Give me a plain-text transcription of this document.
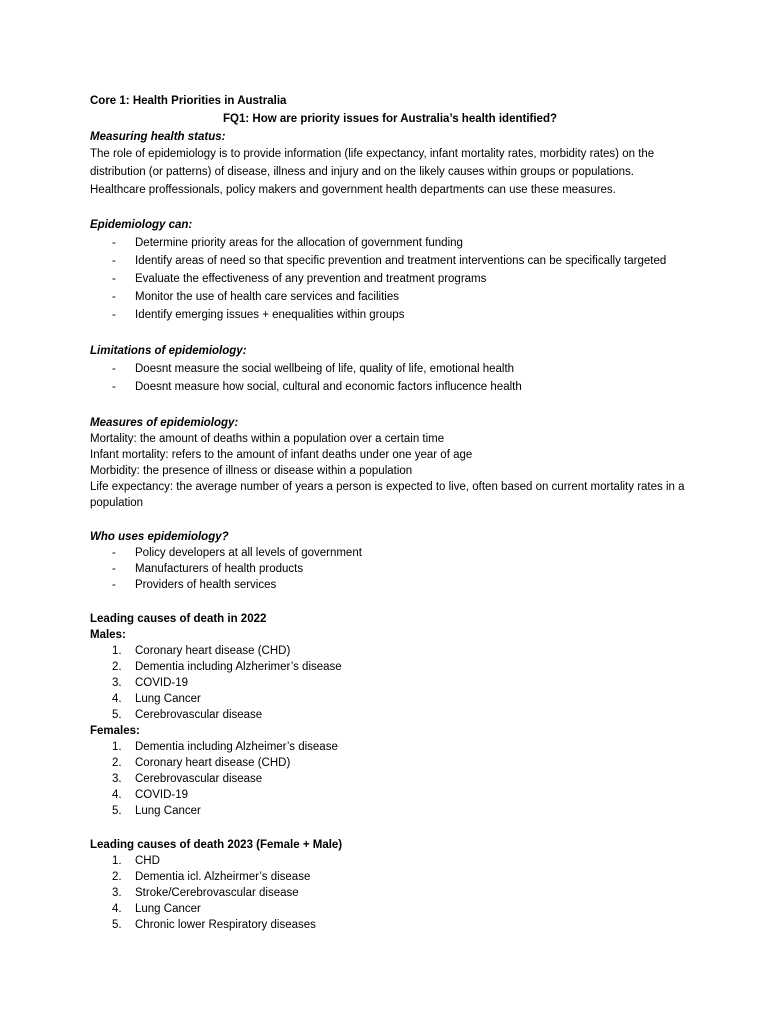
Core 1: Health Priorities in Australia

FQ1: How are priority issues for Australia’s health identified?

Measuring health status:

The role of epidemiology is to provide information (life expectancy, infant mortality rates, morbidity rates) on the distribution (or patterns) of disease, illness and injury and on the likely causes within groups or populations. Healthcare proffessionals, policy makers and government health departments can use these measures.

Epidemiology can:

- Determine priority areas for the allocation of government funding
- Identify areas of need so that specific prevention and treatment interventions can be specifically targeted
- Evaluate the effectiveness of any prevention and treatment programs
- Monitor the use of health care services and facilities
- Identify emerging issues + enequalities within groups

Limitations of epidemiology:

- Doesnt measure the social wellbeing of life, quality of life, emotional health
- Doesnt measure how social, cultural and economic factors influcence health

Measures of epidemiology:

Mortality: the amount of deaths within a population over a certain time

Infant mortality: refers to the amount of infant deaths under one year of age

Morbidity: the presence of illness or disease within a population

Life expectancy: the average number of years a person is expected to live, often based on current mortality rates in a population

Who uses epidemiology?

- Policy developers at all levels of government
- Manufacturers of health products
- Providers of health services

Leading causes of death in 2022

Males:

1. Coronary heart disease (CHD)
2. Dementia including Alzherimer’s disease
3. COVID-19
4. Lung Cancer
5. Cerebrovascular disease

Females:

1. Dementia including Alzheimer’s disease
2. Coronary heart disease (CHD)
3. Cerebrovascular disease
4. COVID-19
5. Lung Cancer

Leading causes of death 2023 (Female + Male)

1. CHD
2. Dementia icl. Alzheirmer’s disease
3. Stroke/Cerebrovascular disease
4. Lung Cancer
5. Chronic lower Respiratory diseases
